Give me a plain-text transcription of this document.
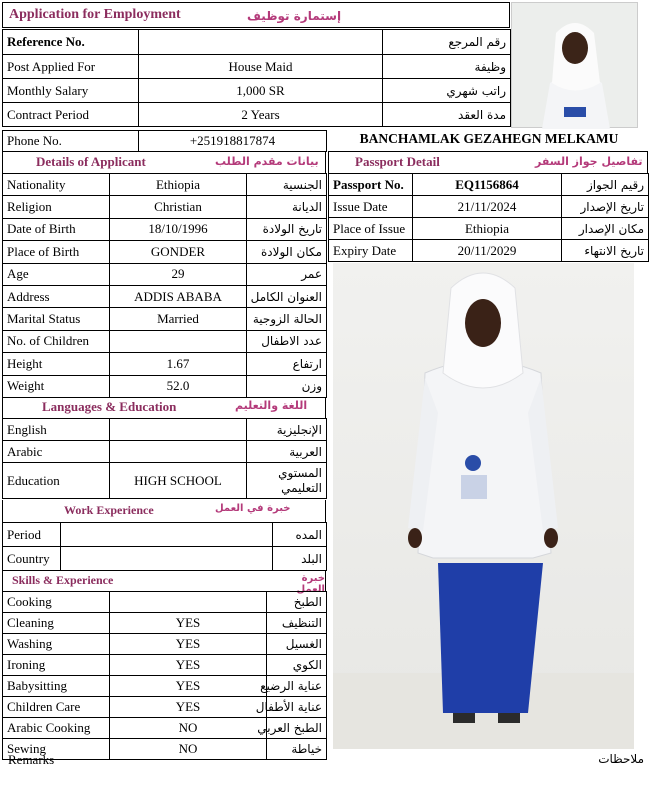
Application for Employment	إستمارة توظيف
Reference No.		رقم المرجع
Post Applied For	House Maid	وظيفة
Monthly Salary	1,000 SR	راتب شهري
Contract Period	2 Years	مدة العقد
Phone No.	+251918817874	BANCHAMLAK GEZAHEGN MELKAMU
Details of Applicant	بيانات مقدم الطلب
Nationality	Ethiopia	الجنسية
Religion	Christian	الديانة
Date of Birth	18/10/1996	تاريخ الولادة
Place of Birth	GONDER	مكان الولادة
Age	29	عمر
Address	ADDIS ABABA	العنوان الكامل
Marital Status	Married	الحالة الزوجية
No. of Children		عدد الاطفال
Height	1.67	ارتفاع
Weight	52.0	وزن
Languages & Education	اللغة والتعليم
English		الإنجليزية
Arabic		العربية
Education	HIGH SCHOOL	المستوي التعليمي
Work Experience	خبرة في العمل
Period		المده
Country		البلد
Skills & Experience	خبرة العمل
Cooking		الطبخ
Cleaning	YES	التنظيف
Washing	YES	الغسيل
Ironing	YES	الكوي
Babysitting	YES	عناية الرضيع
Children Care	YES	عناية الأطفال
Arabic Cooking	NO	الطبخ العربي
Sewing	NO	خياطة
Passport Detail	تفاصيل جواز السفر
Passport No.	EQ1156864	رقيم الجواز
Issue Date	21/11/2024	تاريخ الإصدار
Place of Issue	Ethiopia	مكان الإصدار
Expiry Date	20/11/2029	تاريخ الانتهاء
Remarks	ملاحظات
